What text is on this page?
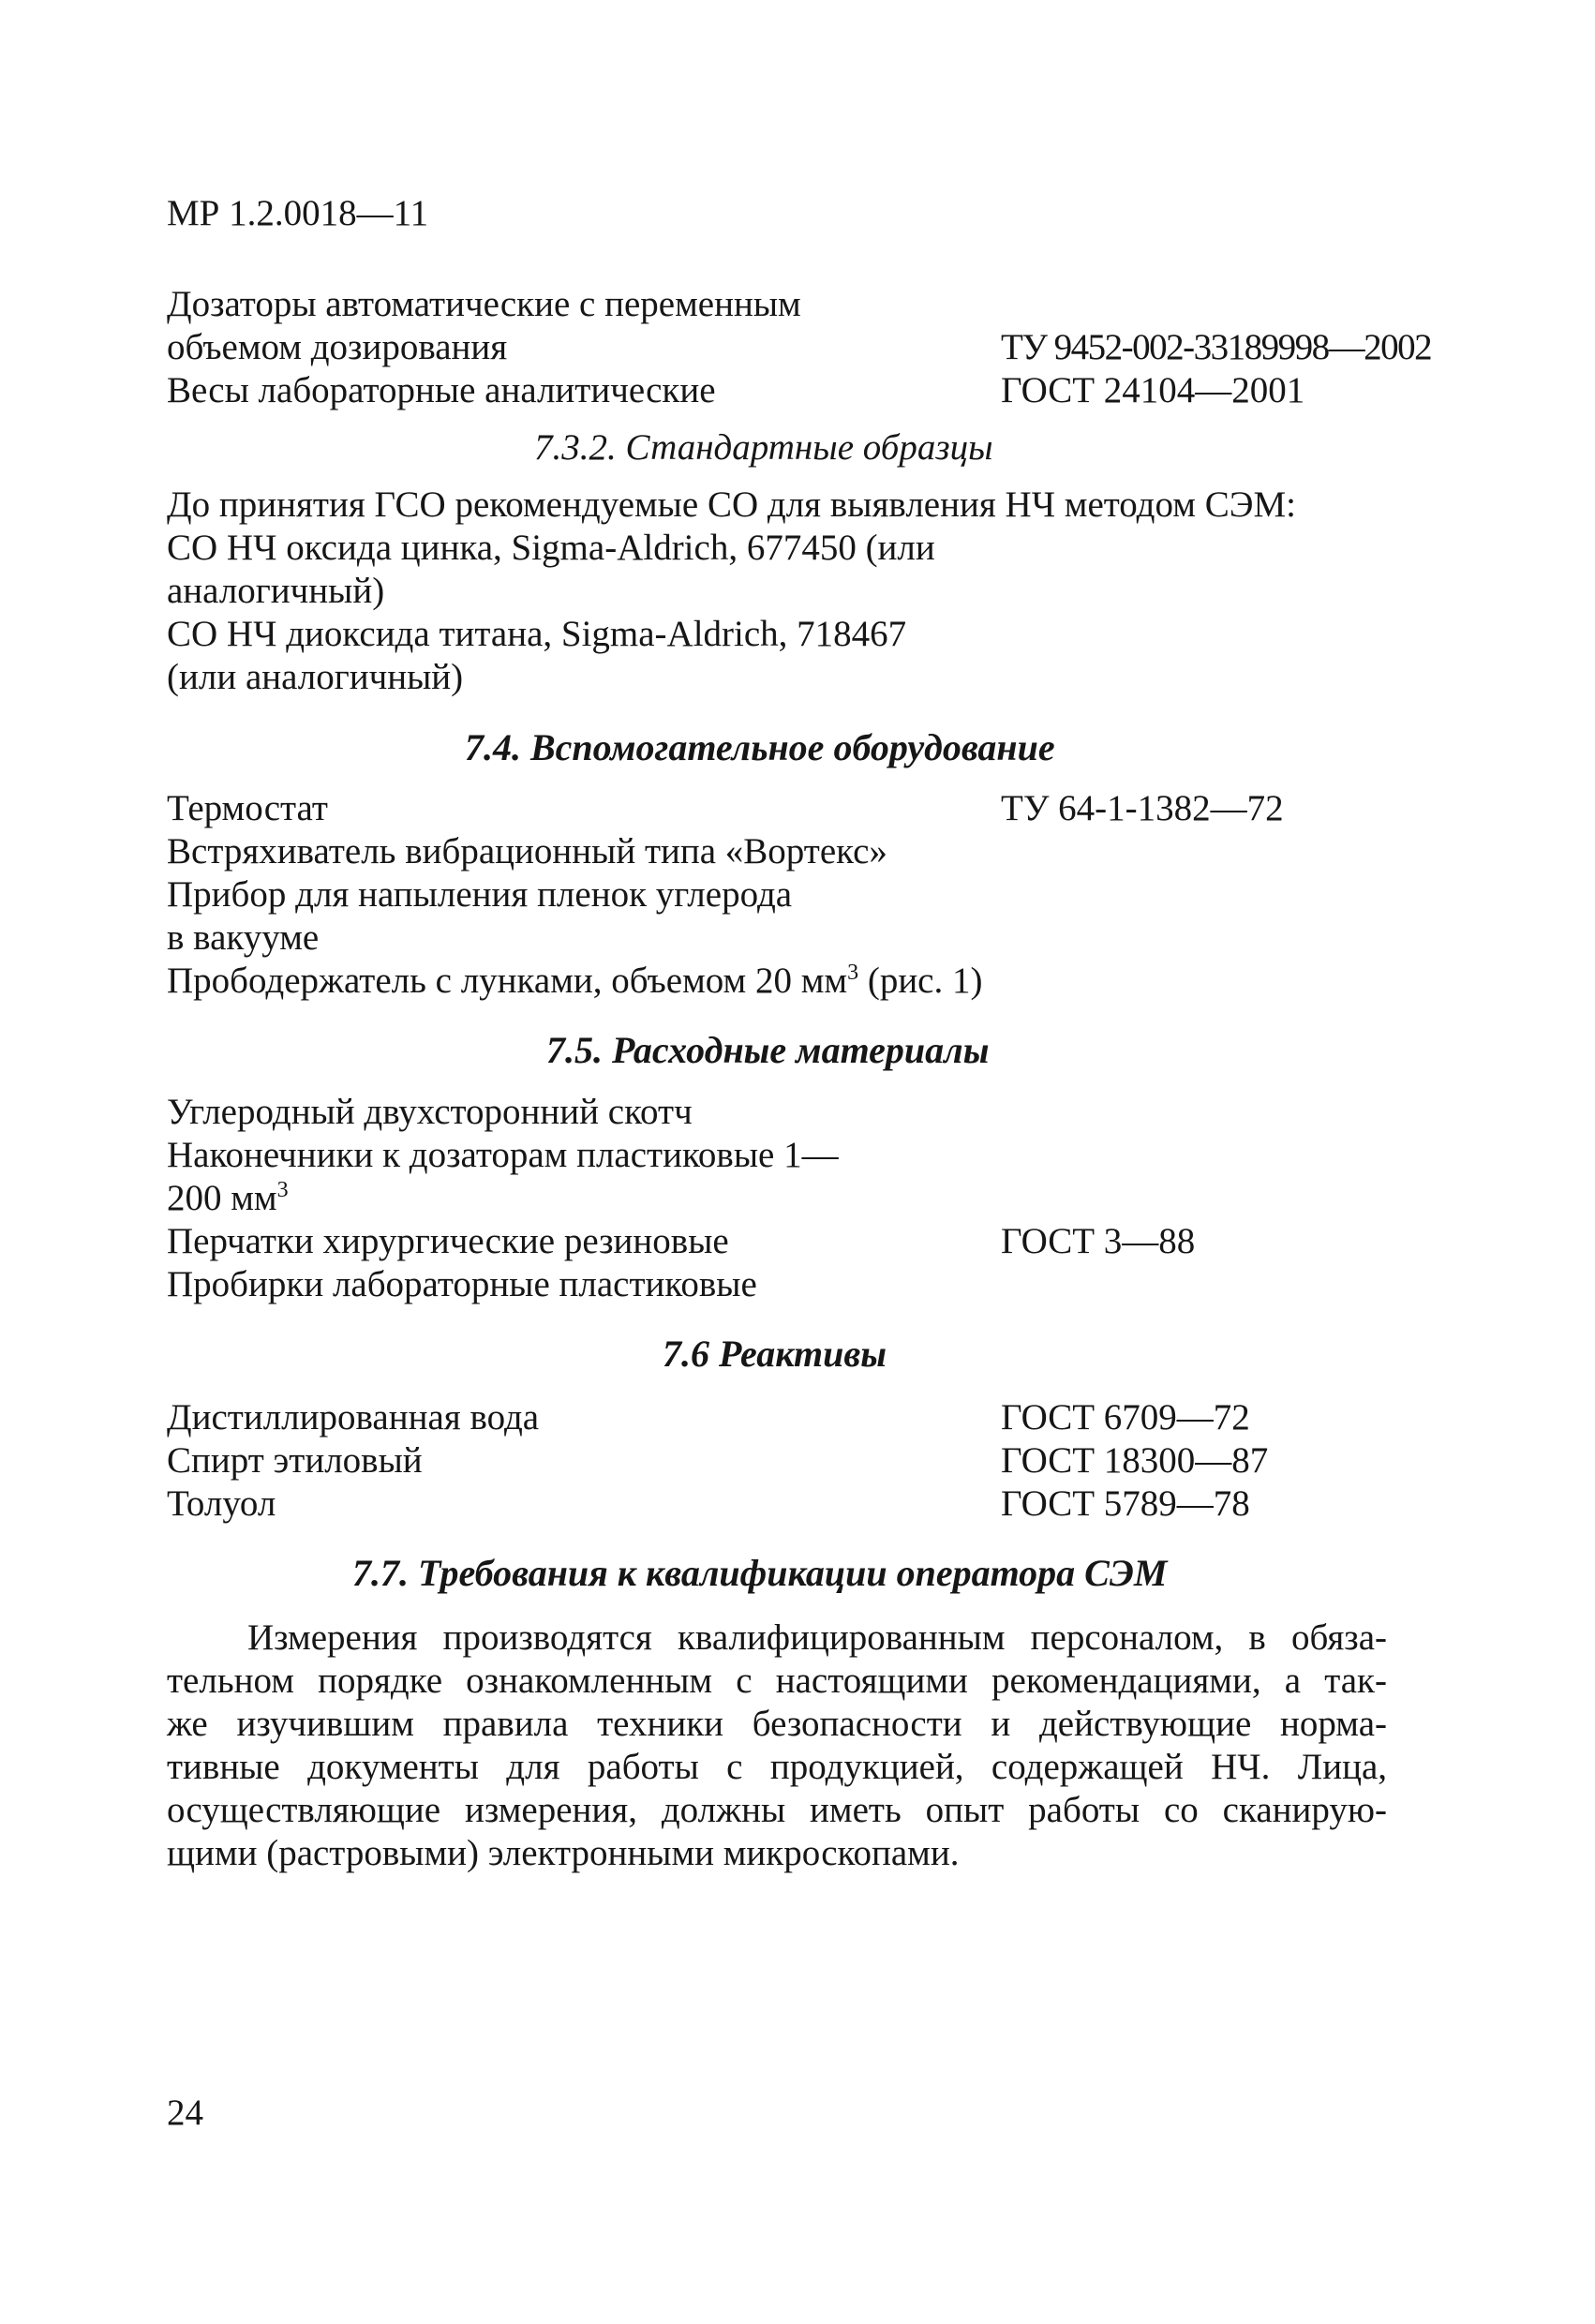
МР 1.2.0018—11
Дозаторы автоматические с переменным
объемом дозирования	ТУ 9452-002-33189998—2002
Весы лабораторные аналитические	ГОСТ 24104—2001
7.3.2. Стандартные образцы
До принятия ГСО рекомендуемые СО для выявления НЧ методом СЭМ:
СО НЧ оксида цинка, Sigma-Aldrich, 677450 (или
аналогичный)
СО НЧ диоксида титана, Sigma-Aldrich, 718467
(или аналогичный)
7.4. Вспомогательное оборудование
Термостат	ТУ 64-1-1382—72
Встряхиватель вибрационный типа «Вортекс»
Прибор для напыления пленок углерода
в вакууме
Прободержатель с лунками, объемом 20 $мм^3$ (рис. 1)
7.5. Расходные материалы
Углеродный двухсторонний скотч
Наконечники к дозаторам пластиковые 1—
200 $мм^3$
Перчатки хирургические резиновые	ГОСТ 3—88
Пробирки лабораторные пластиковые
7.6 Реактивы
Дистиллированная вода	ГОСТ 6709—72
Спирт этиловый	ГОСТ 18300—87
Толуол	ГОСТ 5789—78
7.7. Требования к квалификации оператора СЭМ
Измерения производятся квалифицированным персоналом, в обяза-
тельном порядке ознакомленным с настоящими рекомендациями, а так-
же изучившим правила техники безопасности и действующие норма-
тивные документы для работы с продукцией, содержащей НЧ. Лица,
осуществляющие измерения, должны иметь опыт работы со сканирую-
щими (растровыми) электронными микроскопами.
24
